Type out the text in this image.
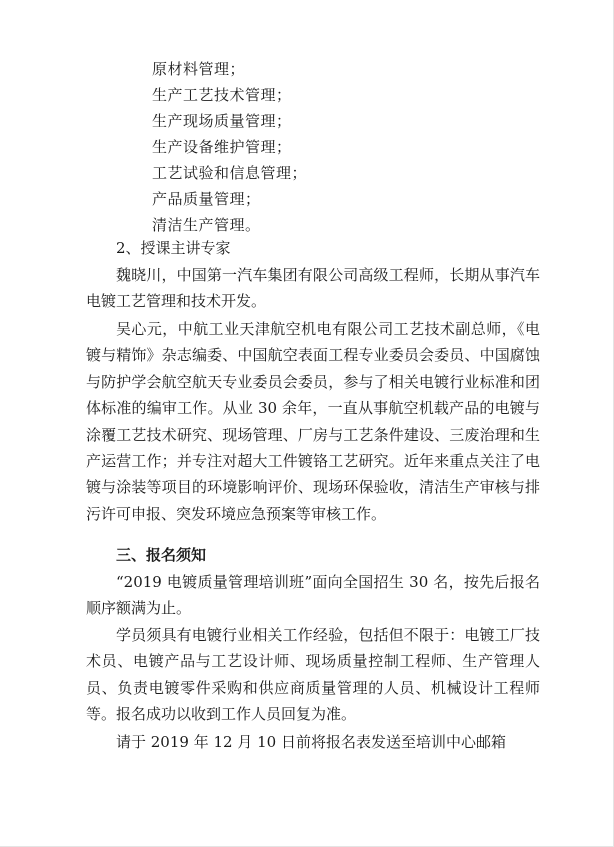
原材料管理；
生产工艺技术管理；
生产现场质量管理；
生产设备维护管理；
工艺试验和信息管理；
产品质量管理；
清洁生产管理。

2、授课主讲专家

魏晓川，中国第一汽车集团有限公司高级工程师，长期从事汽车电镀工艺管理和技术开发。

吴心元，中航工业天津航空机电有限公司工艺技术副总师，《电镀与精饰》杂志编委、中国航空表面工程专业委员会委员、中国腐蚀与防护学会航空航天专业委员会委员，参与了相关电镀行业标准和团体标准的编审工作。从业 30 余年，一直从事航空机载产品的电镀与涂覆工艺技术研究、现场管理、厂房与工艺条件建设、三废治理和生产运营工作；并专注对超大工件镀铬工艺研究。近年来重点关注了电镀与涂装等项目的环境影响评价、现场环保验收，清洁生产审核与排污许可申报、突发环境应急预案等审核工作。

三、报名须知

“2019 电镀质量管理培训班”面向全国招生 30 名，按先后报名顺序额满为止。

学员须具有电镀行业相关工作经验，包括但不限于：电镀工厂技术员、电镀产品与工艺设计师、现场质量控制工程师、生产管理人员、负责电镀零件采购和供应商质量管理的人员、机械设计工程师等。报名成功以收到工作人员回复为准。

请于 2019 年 12 月 10 日前将报名表发送至培训中心邮箱
